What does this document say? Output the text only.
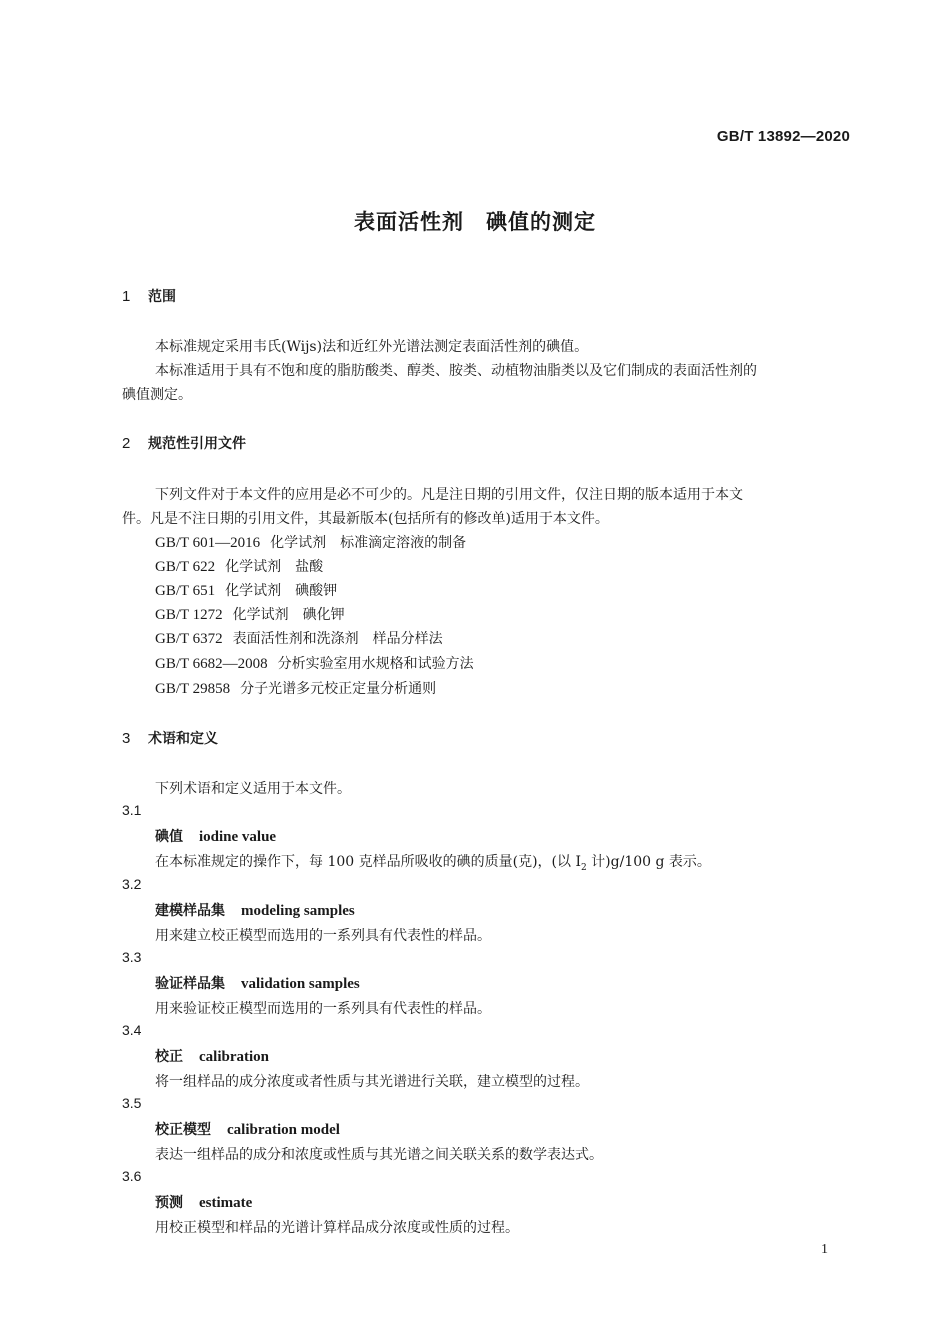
GB/T 13892—2020
表面活性剂　碘值的测定
1 范围
本标准规定采用韦氏(Wijs)法和近红外光谱法测定表面活性剂的碘值。
本标准适用于具有不饱和度的脂肪酸类、醇类、胺类、动植物油脂类以及它们制成的表面活性剂的
碘值测定。
2 规范性引用文件
下列文件对于本文件的应用是必不可少的。凡是注日期的引用文件，仅注日期的版本适用于本文
件。凡是不注日期的引用文件，其最新版本(包括所有的修改单)适用于本文件。
GB/T 601—2016 化学试剂　标准滴定溶液的制备
GB/T 622 化学试剂　盐酸
GB/T 651 化学试剂　碘酸钾
GB/T 1272 化学试剂　碘化钾
GB/T 6372 表面活性剂和洗涤剂　样品分样法
GB/T 6682—2008 分析实验室用水规格和试验方法
GB/T 29858 分子光谱多元校正定量分析通则
3 术语和定义
下列术语和定义适用于本文件。
3.1
碘值 iodine value
在本标准规定的操作下，每 100 克样品所吸收的碘的质量(克)，(以 $I_2$ 计)g/100 g 表示。
3.2
建模样品集 modeling samples
用来建立校正模型而选用的一系列具有代表性的样品。
3.3
验证样品集 validation samples
用来验证校正模型而选用的一系列具有代表性的样品。
3.4
校正 calibration
将一组样品的成分浓度或者性质与其光谱进行关联，建立模型的过程。
3.5
校正模型 calibration model
表达一组样品的成分和浓度或性质与其光谱之间关联关系的数学表达式。
3.6
预测 estimate
用校正模型和样品的光谱计算样品成分浓度或性质的过程。
1
